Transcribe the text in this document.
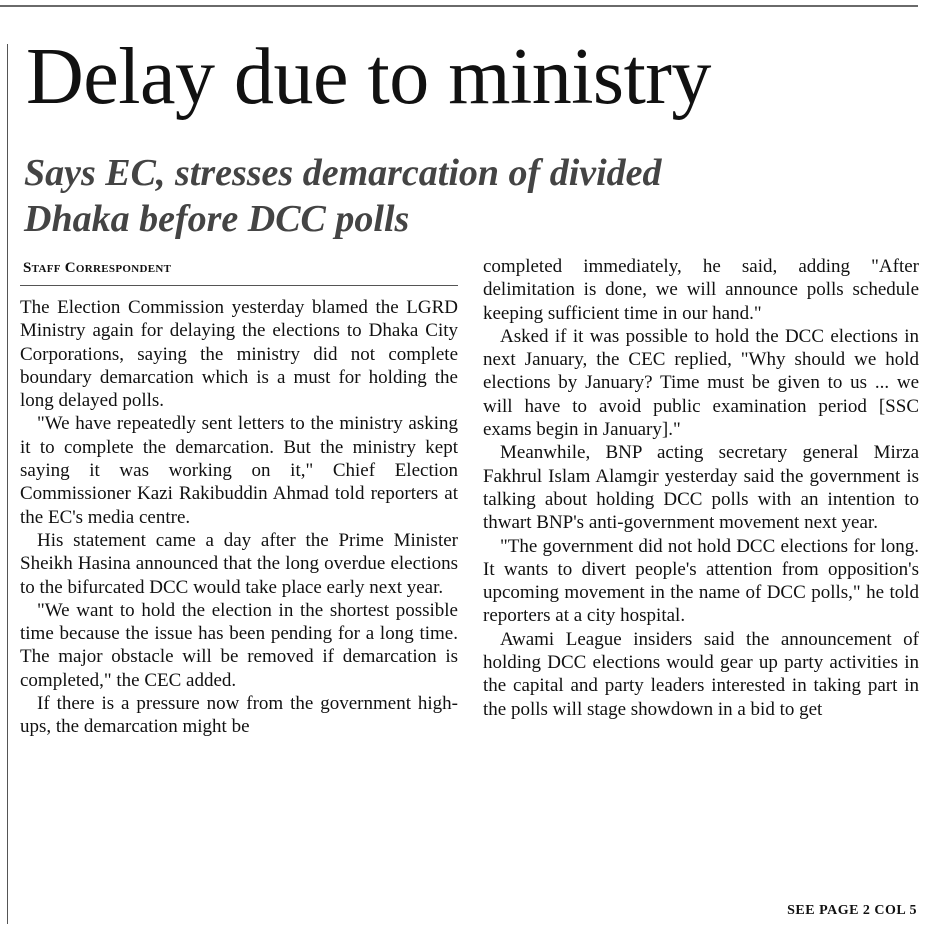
Delay due to ministry
Says EC, stresses demarcation of divided
Dhaka before DCC polls
Staff Correspondent

The Election Commission yesterday blamed the LGRD Ministry again for delaying the elections to Dhaka City Corporations, saying the ministry did not complete boundary demarcation which is a must for holding the long delayed polls.

"We have repeatedly sent letters to the ministry asking it to complete the demarcation. But the ministry kept saying it was working on it," Chief Election Commissioner Kazi Rakibuddin Ahmad told reporters at the EC's media centre.

His statement came a day after the Prime Minister Sheikh Hasina announced that the long overdue elections to the bifurcated DCC would take place early next year.

"We want to hold the election in the shortest possible time because the issue has been pending for a long time. The major obstacle will be removed if demarcation is completed," the CEC added.

If there is a pressure now from the government high-ups, the demarcation might be

completed immediately, he said, adding "After delimitation is done, we will announce polls schedule keeping sufficient time in our hand."

Asked if it was possible to hold the DCC elections in next January, the CEC replied, "Why should we hold elections by January? Time must be given to us ... we will have to avoid public examination period [SSC exams begin in January]."

Meanwhile, BNP acting secretary general Mirza Fakhrul Islam Alamgir yesterday said the government is talking about holding DCC polls with an intention to thwart BNP's anti-government movement next year.

"The government did not hold DCC elections for long. It wants to divert people's attention from opposition's upcoming movement in the name of DCC polls," he told reporters at a city hospital.

Awami League insiders said the announcement of holding DCC elections would gear up party activities in the capital and party leaders interested in taking part in the polls will stage showdown in a bid to get

SEE PAGE 2 COL 5
